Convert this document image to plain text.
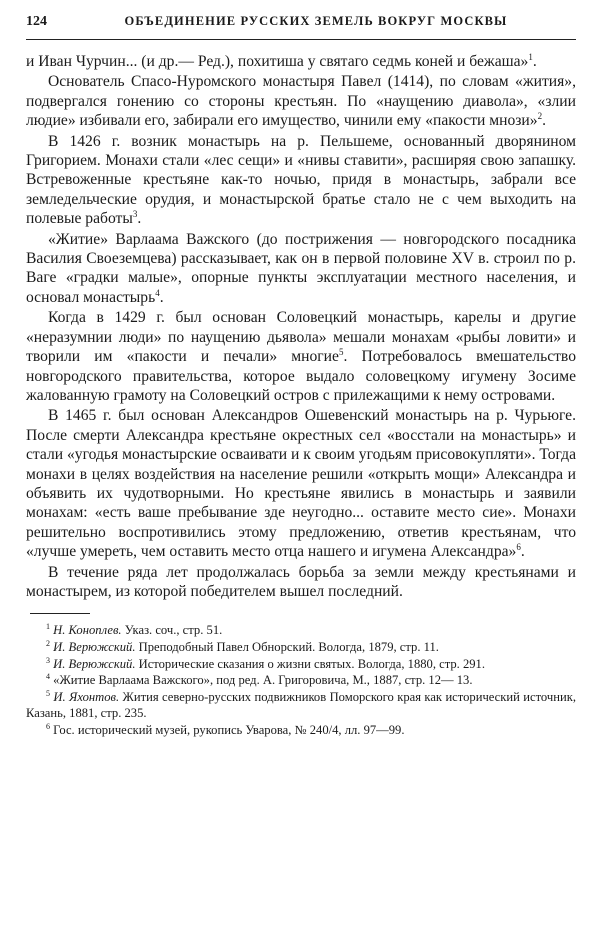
124	ОБЪЕДИНЕНИЕ РУССКИХ ЗЕМЕЛЬ ВОКРУГ МОСКВЫ

и Иван Чурчин... (и др.— Ред.), похитиша у святаго седмь коней и бежаша»$^1$.

Основатель Спасо-Нуромского монастыря Павел (1414), по словам «жития», подвергался гонению со стороны крестьян. По «наущению диавола», «злии людие» избивали его, забирали его имущество, чинили ему «пакости мнози»$^2$.

В 1426 г. возник монастырь на р. Пельшеме, основанный дворянином Григорием. Монахи стали «лес сещи» и «нивы ставити», расширяя свою запашку. Встревоженные крестьяне как-то ночью, придя в монастырь, забрали все земледельческие орудия, и монастырской братье стало не с чем выходить на полевые работы$^3$.

«Житие» Варлаама Важского (до пострижения — новгородского посадника Василия Своеземцева) рассказывает, как он в первой половине XV в. строил по р. Ваге «градки малые», опорные пункты эксплуатации местного населения, и основал монастырь$^4$.

Когда в 1429 г. был основан Соловецкий монастырь, карелы и другие «неразумнии люди» по наущению дьявола» мешали монахам «рыбы ловити» и творили им «пакости и печали» многие$^5$. Потребовалось вмешательство новгородского правительства, которое выдало соловецкому игумену Зосиме жалованную грамоту на Соловецкий остров с прилежащими к нему островами.

В 1465 г. был основан Александров Ошевенский монастырь на р. Чурьюге. После смерти Александра крестьяне окрестных сел «восстали на монастырь» и стали «угодья монастырские осваивати и к своим угодьям присовокупляти». Тогда монахи в целях воздействия на население решили «открыть мощи» Александра и объявить их чудотворными. Но крестьяне явились в монастырь и заявили монахам: «есть ваше пребывание зде неугодно... оставите место сие». Монахи решительно воспротивились этому предложению, ответив крестьянам, что «лучше умереть, чем оставить место отца нашего и игумена Александра»$^6$.

В течение ряда лет продолжалась борьба за земли между крестьянами и монастырем, из которой победителем вышел последний.

$^1$ Н. Коноплев. Указ. соч., стр. 51.

$^2$ И. Верюжский. Преподобный Павел Обнорский. Вологда, 1879, стр. 11.

$^3$ И. Верюжский. Исторические сказания о жизни святых. Вологда, 1880, стр. 291.

$^4$ «Житие Варлаама Важского», под ред. А. Григоровича, М., 1887, стр. 12— 13.

$^5$ И. Яхонтов. Жития северно-русских подвижников Поморского края как исторический источник, Казань, 1881, стр. 235.

$^6$ Гос. исторический музей, рукопись Уварова, № 240/4, лл. 97—99.
